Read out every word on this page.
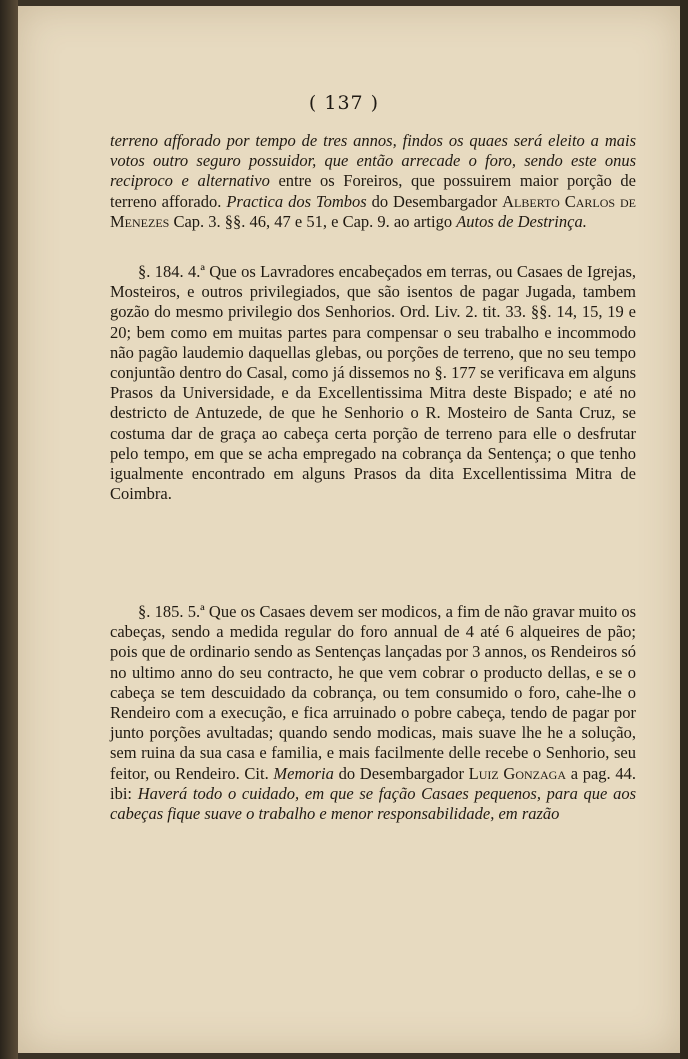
( 137 )

terreno afforado por tempo de tres annos, findos os quaes será eleito a mais votos outro seguro possuidor, que então arrecade o foro, sendo este onus reciproco e alternativo entre os Foreiros, que possuirem maior porção de terreno afforado. Practica dos Tombos do Desembargador Alberto Carlos de Menezes Cap. 3. §§. 46, 47 e 51, e Cap. 9. ao artigo Autos de Destrinça.

§. 184. 4.ª Que os Lavradores encabeçados em terras, ou Casaes de Igrejas, Mosteiros, e outros privilegiados, que são isentos de pagar Jugada, tambem gozão do mesmo privilegio dos Senhorios. Ord. Liv. 2. tit. 33. §§. 14, 15, 19 e 20; bem como em muitas partes para compensar o seu trabalho e incommodo não pagão laudemio daquellas glebas, ou porções de terreno, que no seu tempo conjuntão dentro do Casal, como já dissemos no §. 177 se verificava em alguns Prasos da Universidade, e da Excellentissima Mitra deste Bispado; e até no destricto de Antuzede, de que he Senhorio o R. Mosteiro de Santa Cruz, se costuma dar de graça ao cabeça certa porção de terreno para elle o desfrutar pelo tempo, em que se acha empregado na cobrança da Sentença; o que tenho igualmente encontrado em alguns Prasos da dita Excellentissima Mitra de Coimbra.

§. 185. 5.ª Que os Casaes devem ser modicos, a fim de não gravar muito os cabeças, sendo a medida regular do foro annual de 4 até 6 alqueires de pão; pois que de ordinario sendo as Sentenças lançadas por 3 annos, os Rendeiros só no ultimo anno do seu contracto, he que vem cobrar o producto dellas, e se o cabeça se tem descuidado da cobrança, ou tem consumido o foro, cahe-lhe o Rendeiro com a execução, e fica arruinado o pobre cabeça, tendo de pagar por junto porções avultadas; quando sendo modicas, mais suave lhe he a solução, sem ruina da sua casa e familia, e mais facilmente delle recebe o Senhorio, seu feitor, ou Rendeiro. Cit. Memoria do Desembargador Luiz Gonzaga a pag. 44. ibi: Haverá todo o cuidado, em que se fação Casaes pequenos, para que aos cabeças fique suave o trabalho e menor responsabilidade, em razão
